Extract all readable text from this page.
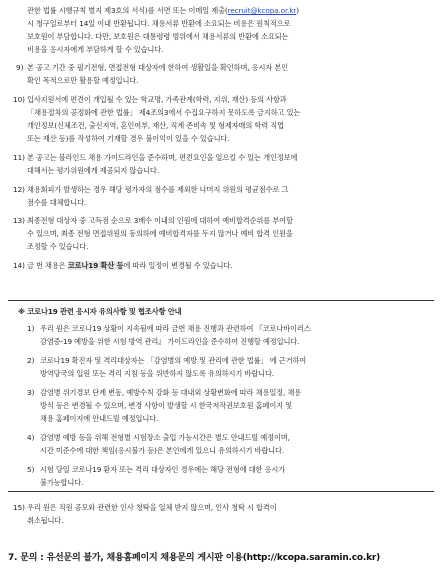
관한 법률 시행규칙 별지 제3호의 서식)를 서면 또는 이메일 제출(recruit@kcopa.or.kr)
시 청구일로부터 14일 이내 반환됩니다. 채용서류 반환에 소요되는 비용은 원칙적으로
보호원이 부담합니다. 다만, 보호원은 대통령령 범위에서 채용서류의 반환에 소요되는
비용을 응시자에게 부담하게 할 수 있습니다.
9) 본 공고 기간 중 필기전형, 면접전형 대상자에 한하여 생활일을 확인하며, 응시자 본인
확인 목적으로만 활용할 예정입니다.
10) 입사지원서에 편견이 개입될 수 있는 학교명, 가족관계(학력, 지위, 재산) 등의 사항과
「채용절차의 공정화에 관한 법률」 제4조의3에서 수집요구하지 못하도록 금지하고 있는
개인정보(신체조건, 출신지역, 혼인여부, 재산, 직계 존비속 및 형제자매의 학력 직업
또는 재산 등)를 작성하여 기재할 경우 불이익이 있을 수 있습니다.
11) 본 공고는 블라인드 채용 가이드라인을 준수하며, 편견요인을 일으킬 수 있는 개인정보에
대해서는 평가위원에게 제공되지 않습니다.
12) 채용회피가 발생하는 경우 해당 평가자의 점수를 제외한 나머지 위원의 평균점수로 그
점수를 대체합니다.
13) 최종전형 대상자 중 고득점 순으로 3배수 이내의 인원에 대하여 예비합격순위를 부여할
수 있으며, 최종 전형 면접위원의 동의하에 예비합격자를 두지 않거나 예비 합격 인원을
조정할 수 있습니다.
14) 금 번 채용은 코로나19 확산 등에 따라 일정이 변경될 수 있습니다.
※ 코로나19 관련 응시자 유의사항 및 협조사항 안내
1) 우리 원은 코로나19 상황이 지속됨에 따라 금번 채용 진행과 관련하여 『코로나바이러스
감염증-19 예방을 위한 시험 방역 관리』 가이드라인을 준수하여 진행할 예정입니다.
2) 코로나19 확진자 및 격리대상자는 「감염병의 예방 및 관리에 관한 법률」 에 근거하여
방역당국의 입원 또는 격리 지침 등을 위반하지 않도록 유의하시기 바랍니다.
3) 감염병 위기경보 단계 변동, 예방수칙 강화 등 대내외 상황변화에 따라 채용일정, 채용
방식 등은 변경될 수 있으며, 변경 사항이 발생할 시 한국저작권보호원 홈페이지 및
채용 홈페이지에 안내드릴 예정입니다.
4) 감염병 예방 등을 위해 전형별 시험장소 출입 가능시간은 별도 안내드릴 예정이며,
시간 미준수에 대한 책임(응시불가 등)은 본인에게 있으니 유의하시기 바랍니다.
5) 시험 당일 코로나19 환자 또는 격리 대상자인 경우에는 해당 전형에 대한 응시가
불가능합니다.
15) 우리 원은 직원 공모와 관련한 인사 청탁을 일체 받지 않으며, 인사 청탁 시 합격이
취소됩니다.
7. 문의 : 유선문의 불가, 채용홈페이지 채용문의 게시판 이용(http://kcopa.saramin.co.kr)
